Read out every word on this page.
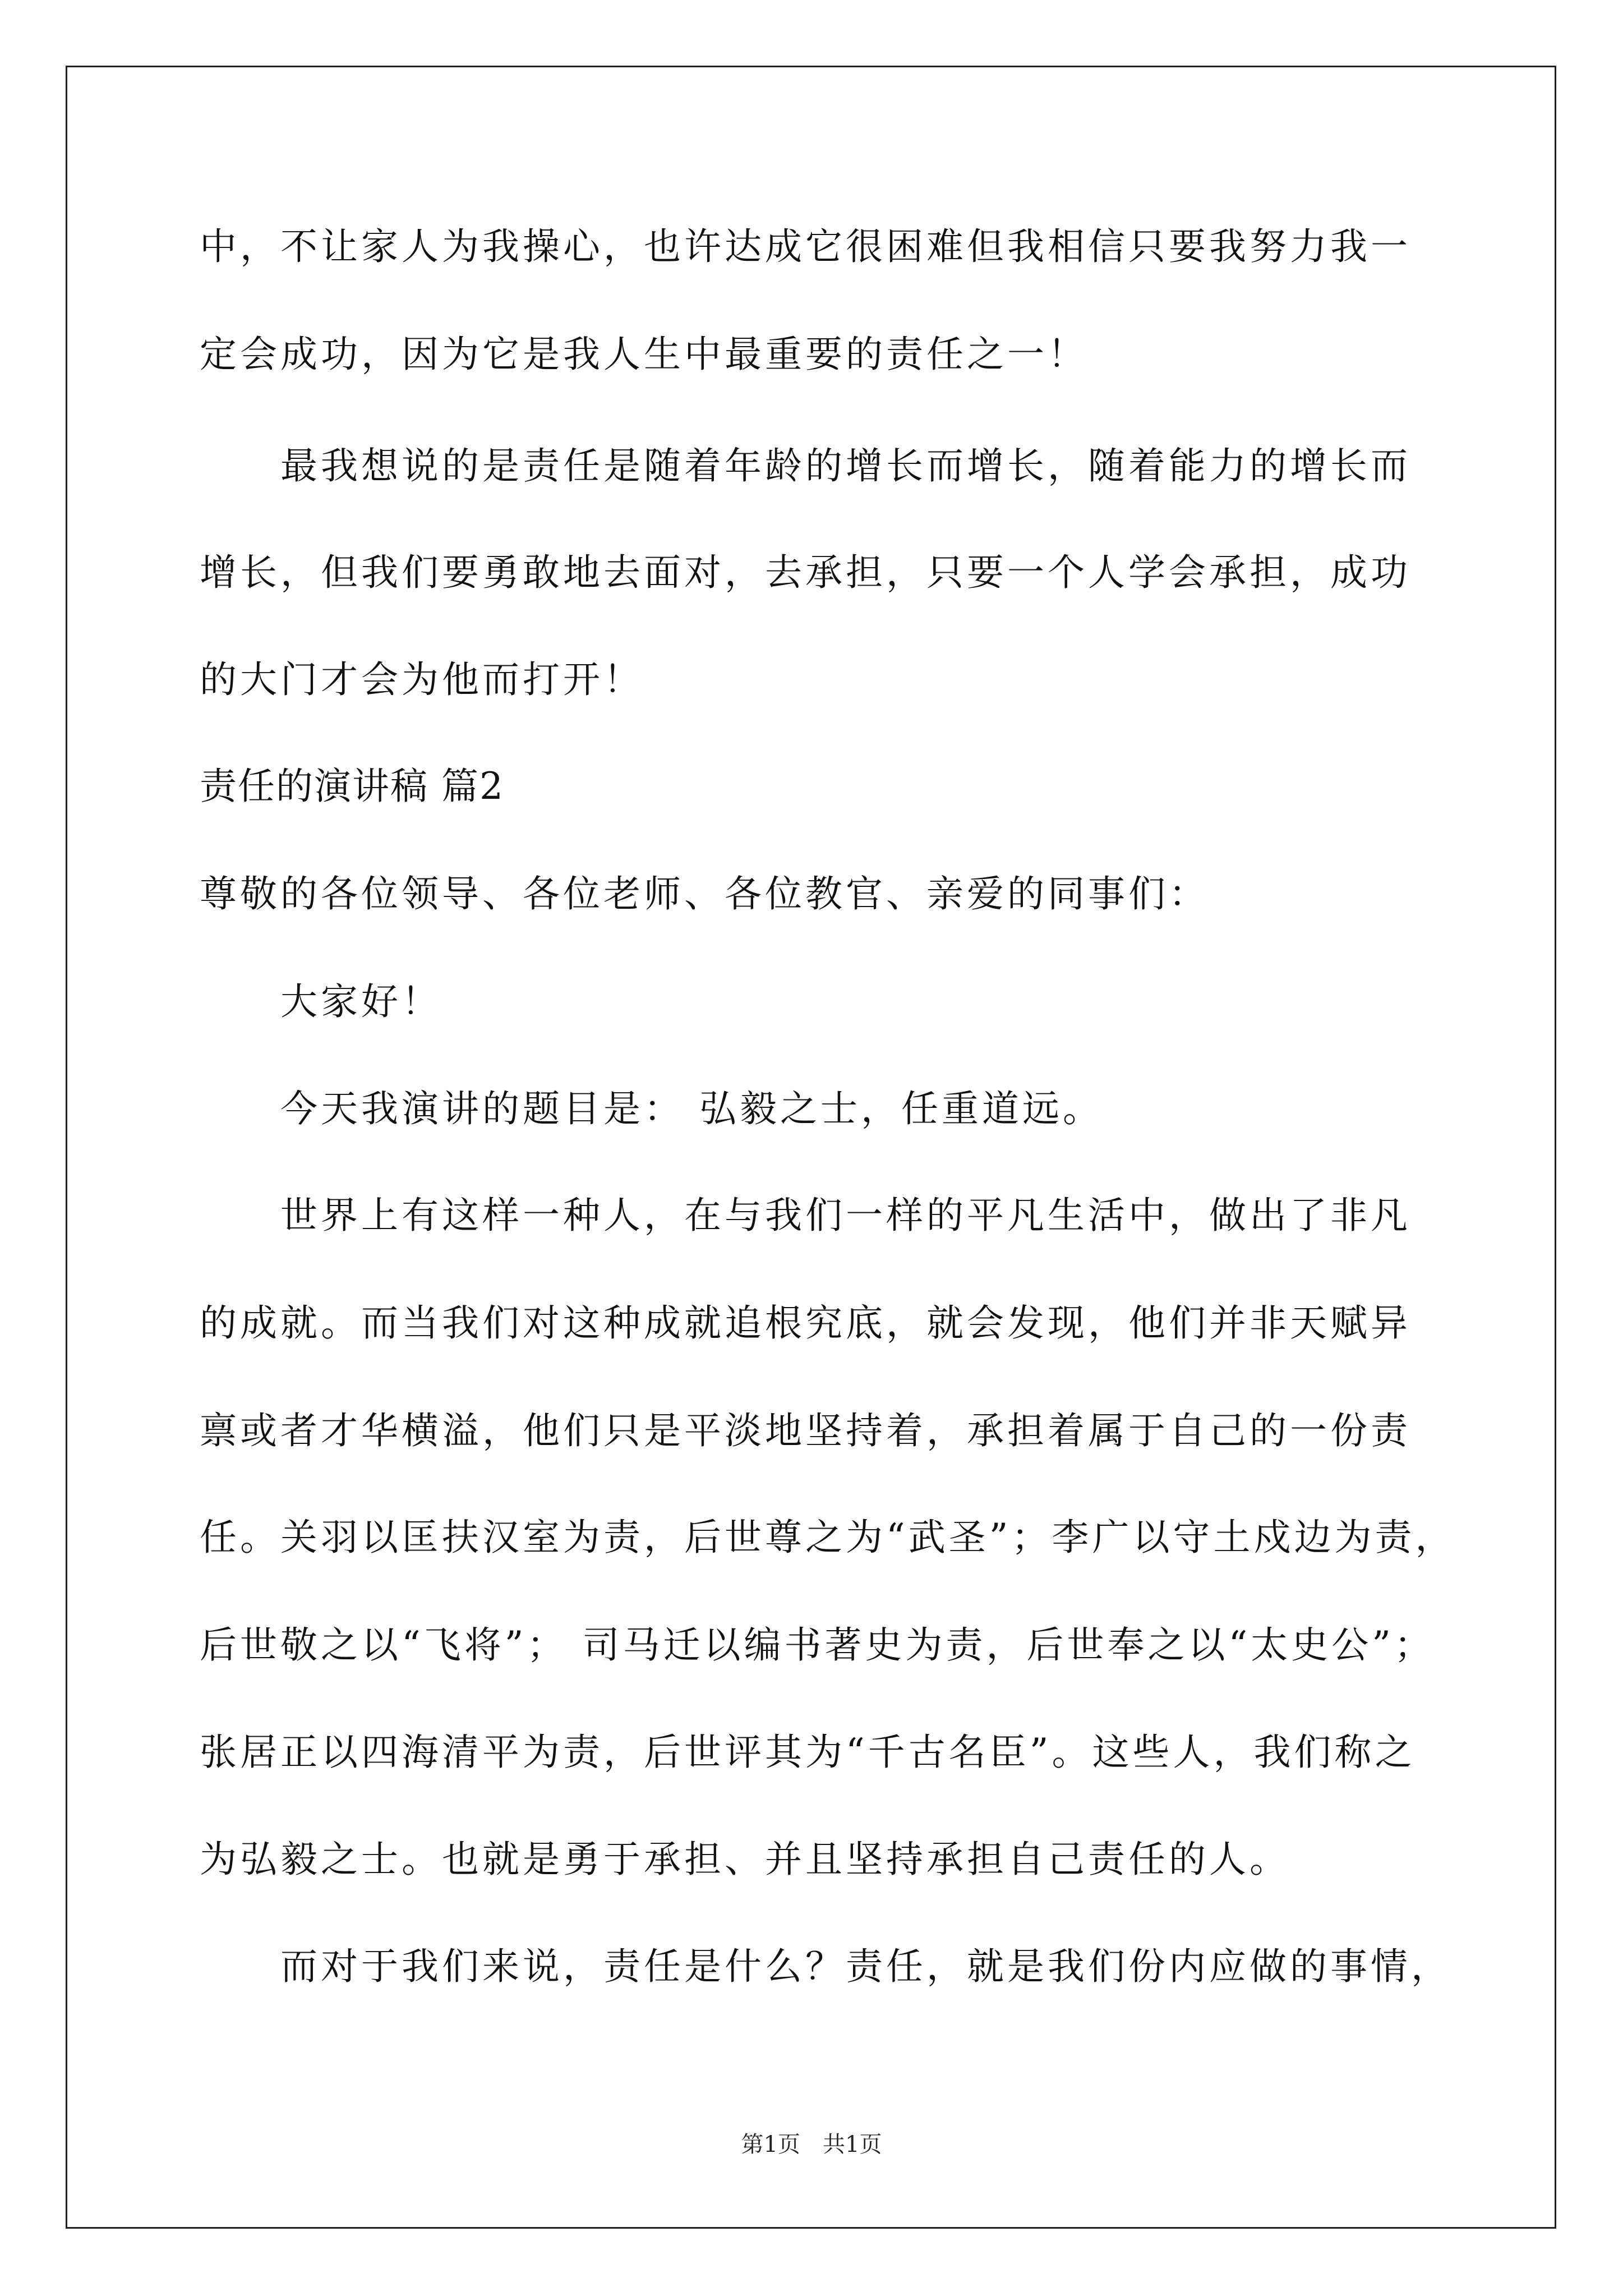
中，不让家人为我操心，也许达成它很困难但我相信只要我努力我一
定会成功，因为它是我人生中最重要的责任之一！
最我想说的是责任是随着年龄的增长而增长，随着能力的增长而
增长，但我们要勇敢地去面对，去承担，只要一个人学会承担，成功
的大门才会为他而打开！
责任的演讲稿 篇2
尊敬的各位领导、各位老师、各位教官、亲爱的同事们：
大家好！
今天我演讲的题目是： 弘毅之士，任重道远。
世界上有这样一种人，在与我们一样的平凡生活中，做出了非凡
的成就。而当我们对这种成就追根究底，就会发现，他们并非天赋异
禀或者才华横溢，他们只是平淡地坚持着，承担着属于自己的一份责
任。关羽以匡扶汉室为责，后世尊之为“武圣”；李广以守土戍边为责，
后世敬之以“飞将”； 司马迁以编书著史为责，后世奉之以“太史公”；
张居正以四海清平为责，后世评其为“千古名臣”。这些人，我们称之
为弘毅之士。也就是勇于承担、并且坚持承担自己责任的人。
而对于我们来说，责任是什么？责任，就是我们份内应做的事情，
第1页 共1页
